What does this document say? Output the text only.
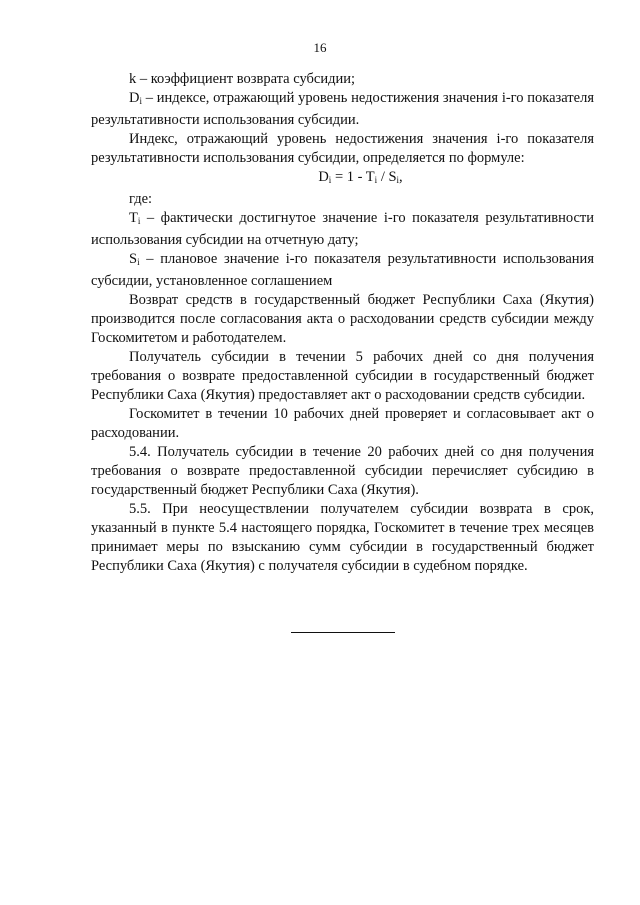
16

k – коэффициент возврата субсидии;

$D_i$ – индексе, отражающий уровень недостижения значения i-го показателя результативности использования субсидии.

Индекс, отражающий уровень недостижения значения i-го показателя результативности использования субсидии, определяется по формуле:

$D_i = 1 - T_i / S_i$,

где:

$T_i$ – фактически достигнутое значение i-го показателя результативности использования субсидии на отчетную дату;

$S_i$ – плановое значение i-го показателя результативности использования субсидии, установленное соглашением

Возврат средств в государственный бюджет Республики Саха (Якутия) производится после согласования акта о расходовании средств субсидии между Госкомитетом и работодателем.

Получатель субсидии в течении 5 рабочих дней со дня получения требования о возврате предоставленной субсидии в государственный бюджет Республики Саха (Якутия) предоставляет акт о расходовании средств субсидии.

Госкомитет в течении 10 рабочих дней проверяет и согласовывает акт о расходовании.

5.4. Получатель субсидии в течение 20 рабочих дней со дня получения требования о возврате предоставленной субсидии перечисляет субсидию в государственный бюджет Республики Саха (Якутия).

5.5. При неосуществлении получателем субсидии возврата в срок, указанный в пункте 5.4 настоящего порядка, Госкомитет в течение трех месяцев принимает меры по взысканию сумм субсидии в государственный бюджет Республики Саха (Якутия) с получателя субсидии в судебном порядке.
